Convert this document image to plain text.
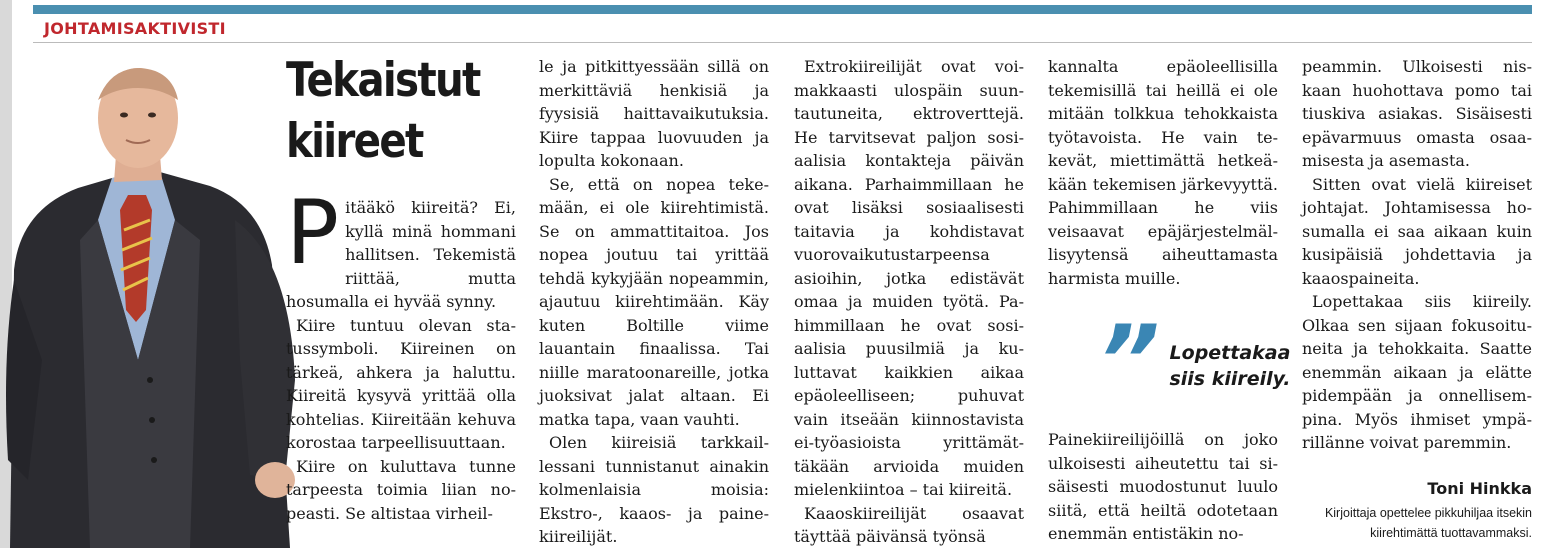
JOHTAMISAKTIVISTI
Tekaistut kiireet
P itääkö kiireitä? Ei, kyllä minä hommani hallitsen. Tekemistä riittää, mutta hosumalla ei hyvää synny.

Kiire tuntuu olevan statussymboli. Kiireinen on tärkeä, ahkera ja haluttu. Kiireitä kysyvä yrittää olla kohtelias. Kiireitään kehuva korostaa tarpeellisuuttaan.

Kiire on kuluttava tunne tarpeesta toimia liian nopeasti. Se altistaa virheil-

le ja pitkittyessään sillä on merkittäviä henkisiä ja fyysisiä haittavaikutuksia. Kiire tappaa luovuuden ja lopulta kokonaan.

Se, että on nopea tekemään, ei ole kiirehtimistä. Se on ammattitaitoa. Jos nopea joutuu tai yrittää tehdä kykyjään nopeammin, ajautuu kiirehtimään. Käy kuten Boltille viime lauantain finaalissa. Tai niille maratoonareille, jotka juoksivat jalat altaan. Ei matka tapa, vaan vauhti.

Olen kiireisiä tarkkaillessani tunnistanut ainakin kolmenlaisia moisia: Ekstro-, kaaos- ja painekiireilijät.

Extrokiireilijät ovat voimakkaasti ulospäin suuntautuneita, ektroverttejä. He tarvitsevat paljon sosiaalisia kontakteja päivän aikana. Parhaimmillaan he ovat lisäksi sosiaalisesti taitavia ja kohdistavat vuorovaikutustarpeensa asioihin, jotka edistävät omaa ja muiden työtä. Pahimmillaan he ovat sosiaalisia puusilmiä ja kuluttavat kaikkien aikaa epäoleelliseen; puhuvat vain itseään kiinnostavista ei-työasioista yrittämättäkään arvioida muiden mielenkiintoa – tai kiireitä.

Kaaoskiireilijät osaavat täyttää päivänsä työnsä

kannalta epäoleellisilla tekemisillä tai heillä ei ole mitään tolkkua tehokkaista työtavoista. He vain tekevät, miettimättä hetkeäkään tekemisen järkevyyttä. Pahimmillaan he viis veisaavat epäjärjestelmällisyytensä aiheuttamasta harmista muille.

” Lopettakaa
siis kiireily.

Painekiireilijöillä on joko ulkoisesti aiheutettu tai sisäisesti muodostunut luulo siitä, että heiltä odotetaan enemmän entistäkin no-

peammin. Ulkoisesti niskaan huohottava pomo tai tiuskiva asiakas. Sisäisesti epävarmuus omasta osaamisesta ja asemasta.

Sitten ovat vielä kiireiset johtajat. Johtamisessa hosumalla ei saa aikaan kuin kusipäisiä johdettavia ja kaaospaineita.

Lopettakaa siis kiireily. Olkaa sen sijaan fokusoituneita ja tehokkaita. Saatte enemmän aikaan ja elätte pidempään ja onnellisempina. Myös ihmiset ympärillänne voivat paremmin.

Toni Hinkka
Kirjoittaja opettelee pikkuhiljaa itsekin kiirehtimättä tuottavammaksi.
